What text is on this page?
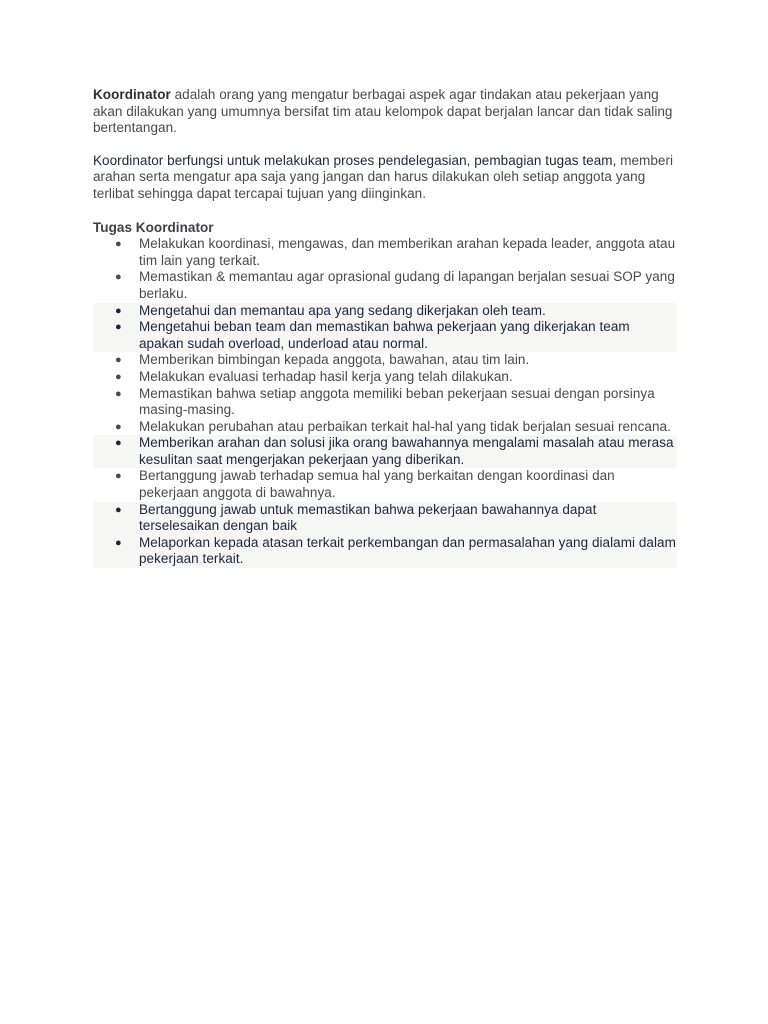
Koordinator adalah orang yang mengatur berbagai aspek agar tindakan atau pekerjaan yang akan dilakukan yang umumnya bersifat tim atau kelompok dapat berjalan lancar dan tidak saling bertentangan.

Koordinator berfungsi untuk melakukan proses pendelegasian, pembagian tugas team, memberi arahan serta mengatur apa saja yang jangan dan harus dilakukan oleh setiap anggota yang terlibat sehingga dapat tercapai tujuan yang diinginkan.

Tugas Koordinator

● Melakukan koordinasi, mengawas, dan memberikan arahan kepada leader, anggota atau tim lain yang terkait.
● Memastikan & memantau agar oprasional gudang di lapangan berjalan sesuai SOP yang berlaku.
● Mengetahui dan memantau apa yang sedang dikerjakan oleh team.
● Mengetahui beban team dan memastikan bahwa pekerjaan yang dikerjakan team apakan sudah overload, underload atau normal.
● Memberikan bimbingan kepada anggota, bawahan, atau tim lain.
● Melakukan evaluasi terhadap hasil kerja yang telah dilakukan.
● Memastikan bahwa setiap anggota memiliki beban pekerjaan sesuai dengan porsinya masing-masing.
● Melakukan perubahan atau perbaikan terkait hal-hal yang tidak berjalan sesuai rencana.
● Memberikan arahan dan solusi jika orang bawahannya mengalami masalah atau merasa kesulitan saat mengerjakan pekerjaan yang diberikan.
● Bertanggung jawab terhadap semua hal yang berkaitan dengan koordinasi dan pekerjaan anggota di bawahnya.
● Bertanggung jawab untuk memastikan bahwa pekerjaan bawahannya dapat terselesaikan dengan baik
● Melaporkan kepada atasan terkait perkembangan dan permasalahan yang dialami dalam pekerjaan terkait.
